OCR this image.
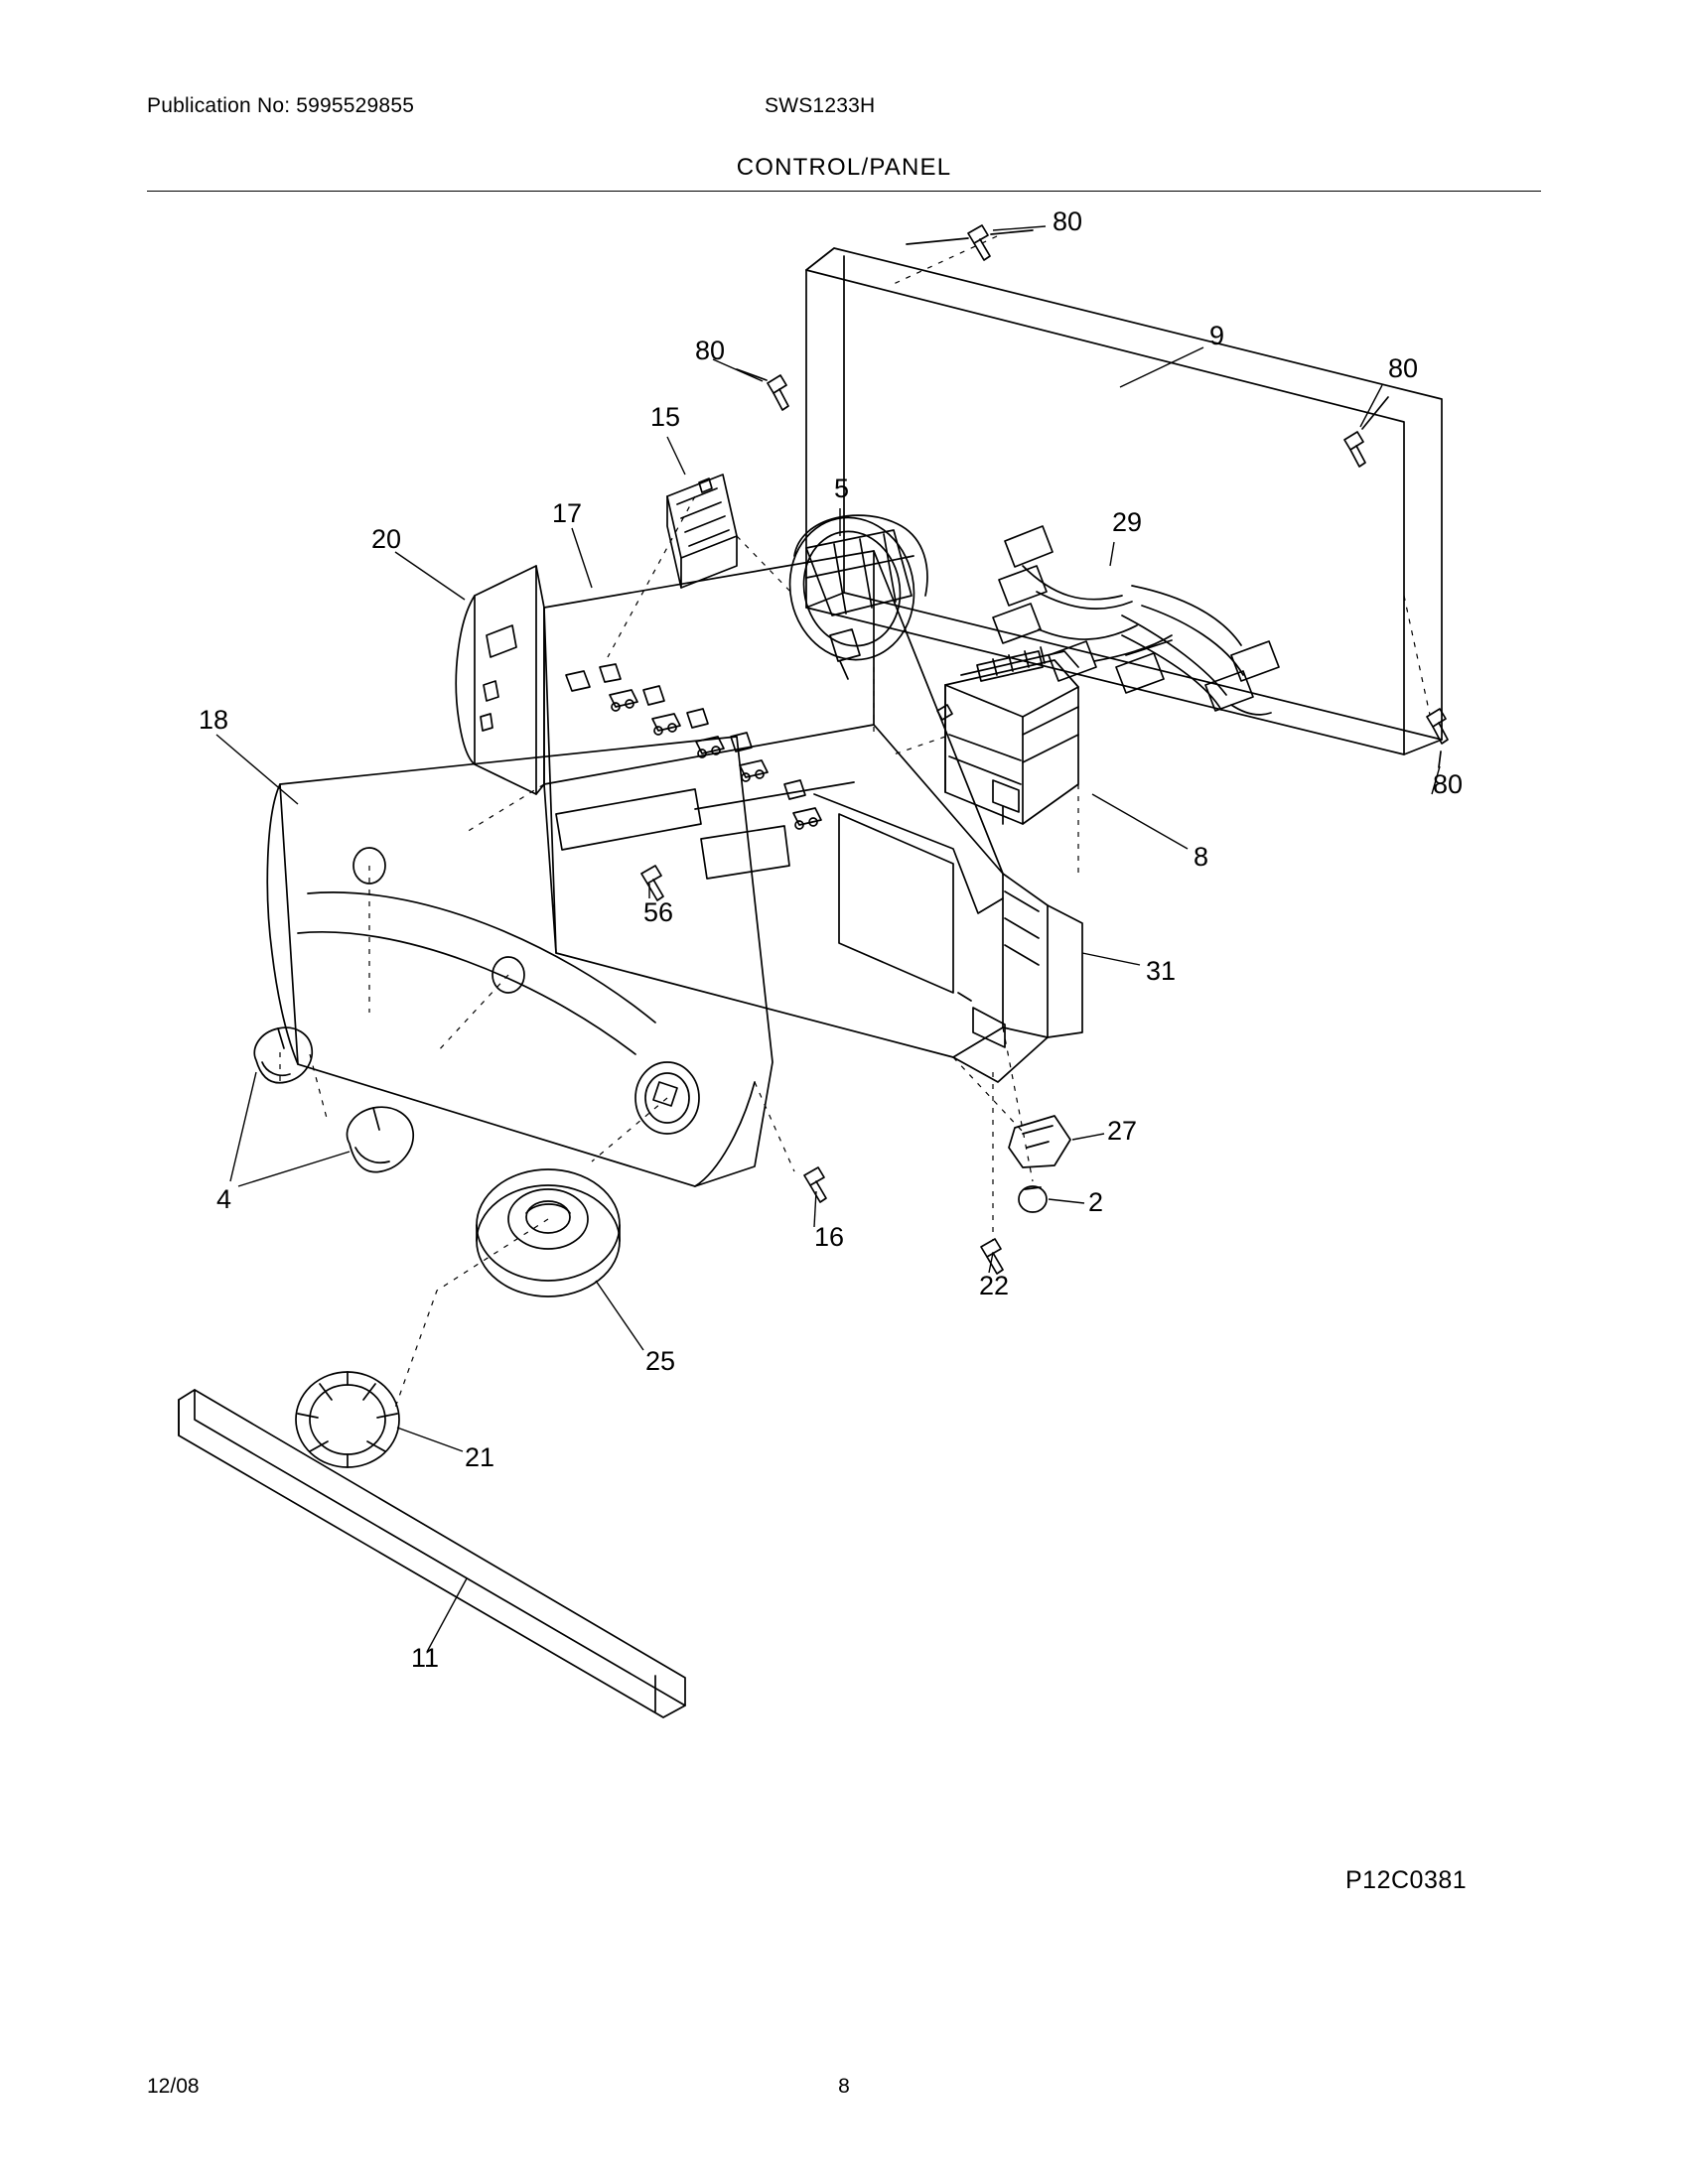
Publication No: 5995529855	SWS1233H
CONTROL/PANEL
80
9
80
80
15
5
29
17
20
18
80
8
56
31
4
27
2
16
22
25
21
11
P12C0381
12/08	8
